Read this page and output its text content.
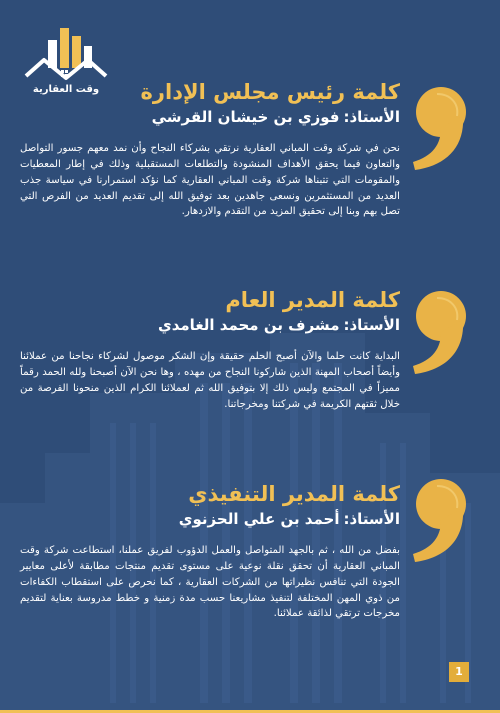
وقت العقارية	كلمة رئيس مجلس الإدارة
الأستاذ:فوزي بن خيشان القرشي
نحن في شركة وقت المباني العقارية نرتقي بشركاء النجاح وأن نمد معهم جسور التواصل والتعاون فيما يحقق الأهداف المنشودة والتطلعات المستقبلية وذلك في إطار المعطيات والمقومات التي تتبناها شركة وقت المباني العقارية كما نؤكد استمرارنا في سياسة جذب العديد من المستثمرين ونسعى جاهدين بعد توفيق الله إلى تقديم العديد من الفرص التي تصل بهم وبنا إلى تحقيق المزيد من التقدم والازدهار.
كلمة المدير العام
الأستاذ:مشرف بن محمد الغامدي
البداية كانت حلما والآن أصبح الحلم حقيقة وإن الشكر موصول لشركاء نجاحنا من عملائنا وأيضاً أصحاب المهنة الذين شاركونا النجاح من مهده ، وها نحن الآن أصبحنا ولله الحمد رقماً مميزاً في المجتمع وليس ذلك إلا بتوفيق الله ثم لعملائنا الكرام الذين منحونا الفرصة من خلال ثقتهم الكريمة في شركتنا ومخرجاتنا.
كلمة المدير التنفيذي
الأستاذ:أحمد بن علي الحزنوي
بفضل من الله ، ثم بالجهد المتواصل والعمل الدؤوب لفريق عملنا، استطاعت شركة وقت المباني العقارية أن تحقق نقلة نوعية على مستوى تقديم منتجات مطابقة لأعلى معايير الجودة التي تنافس نظيراتها من الشركات العقارية ، كما نحرص على استقطاب الكفاءات من ذوي المهن المختلفة لتنفيذ مشاريعنا حسب مدة زمنية و خطط مدروسة بعناية لتقديم مخرجات ترتقي لذائقة عملائنا.
1
